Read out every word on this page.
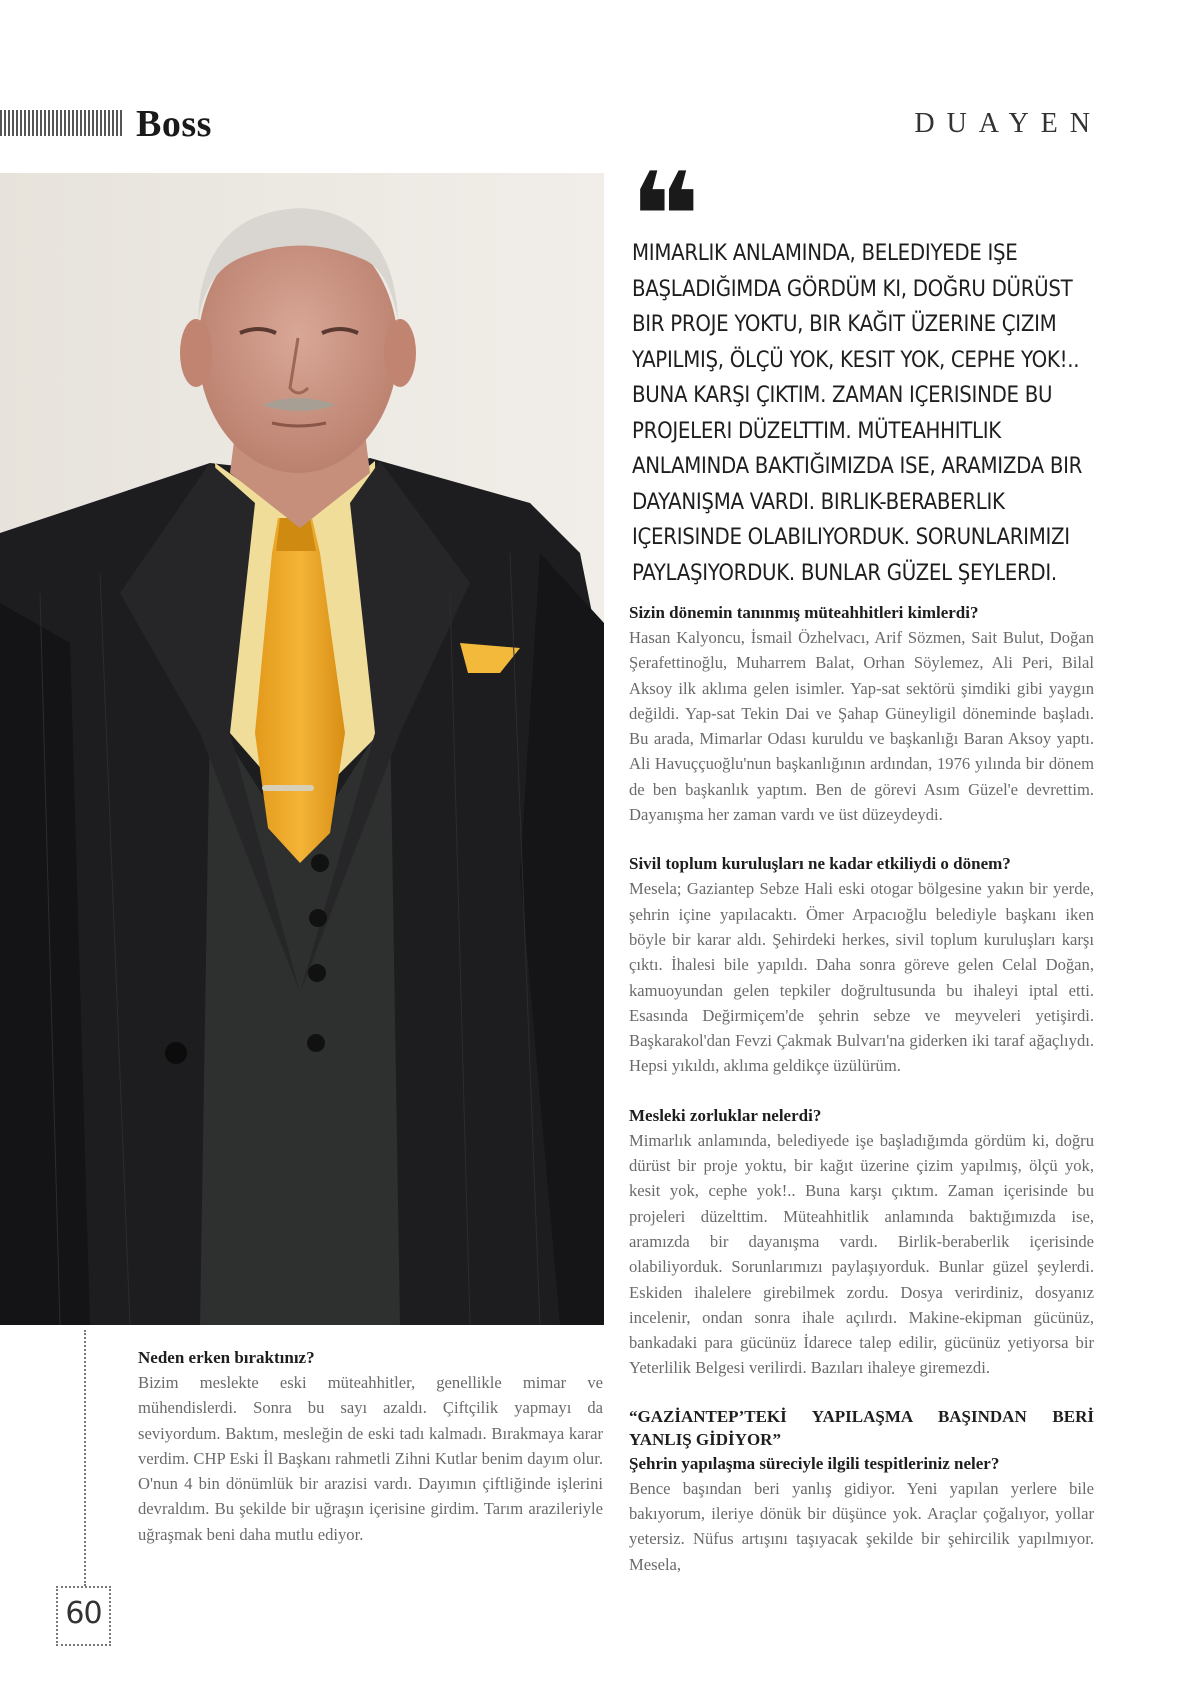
Boss	DUAYEN
❝

MIMARLIK ANLAMINDA, BELEDIYEDE IŞE BAŞLADIĞIMDA GÖRDÜM KI, DOĞRU DÜRÜST BIR PROJE YOKTU, BIR KAĞIT ÜZERINE ÇIZIM YAPILMIŞ, ÖLÇÜ YOK, KESIT YOK, CEPHE YOK!.. BUNA KARŞI ÇIKTIM. ZAMAN IÇERISINDE BU PROJELERI DÜZELTTIM. MÜTEAHHITLIK ANLAMINDA BAKTIĞIMIZDA ISE, ARAMIZDA BIR DAYANIŞMA VARDI. BIRLIK-BERABERLIK IÇERISINDE OLABILIYORDUK. SORUNLARIMIZI PAYLAŞIYORDUK. BUNLAR GÜZEL ŞEYLERDI.

Sizin dönemin tanınmış müteahhitleri kimlerdi?

Hasan Kalyoncu, İsmail Özhelvacı, Arif Sözmen, Sait Bulut, Doğan Şerafettinoğlu, Muharrem Balat, Orhan Söylemez, Ali Peri, Bilal Aksoy ilk aklıma gelen isimler. Yap-sat sektörü şimdiki gibi yaygın değildi. Yap-sat Tekin Dai ve Şahap Güneyligil döneminde başladı. Bu arada, Mimarlar Odası kuruldu ve başkanlığı Baran Aksoy yaptı. Ali Havuççuoğlu'nun başkanlığının ardından, 1976 yılında bir dönem de ben başkanlık yaptım. Ben de görevi Asım Güzel'e devrettim. Dayanışma her zaman vardı ve üst düzeydeydi.

Sivil toplum kuruluşları ne kadar etkiliydi o dönem?

Mesela; Gaziantep Sebze Hali eski otogar bölgesine yakın bir yerde, şehrin içine yapılacaktı. Ömer Arpacıoğlu belediyle başkanı iken böyle bir karar aldı. Şehirdeki herkes, sivil toplum kuruluşları karşı çıktı. İhalesi bile yapıldı. Daha sonra göreve gelen Celal Doğan, kamuoyundan gelen tepkiler doğrultusunda bu ihaleyi iptal etti. Esasında Değirmiçem'de şehrin sebze ve meyveleri yetişirdi. Başkarakol'dan Fevzi Çakmak Bulvarı'na giderken iki taraf ağaçlıydı. Hepsi yıkıldı, aklıma geldikçe üzülürüm.

Mesleki zorluklar nelerdi?

Mimarlık anlamında, belediyede işe başladığımda gördüm ki, doğru dürüst bir proje yoktu, bir kağıt üzerine çizim yapılmış, ölçü yok, kesit yok, cephe yok!.. Buna karşı çıktım. Zaman içerisinde bu projeleri düzelttim. Müteahhitlik anlamında baktığımızda ise, aramızda bir dayanışma vardı. Birlik-beraberlik içerisinde olabiliyorduk. Sorunlarımızı paylaşıyorduk. Bunlar güzel şeylerdi. Eskiden ihalelere girebilmek zordu. Dosya verirdiniz, dosyanız incelenir, ondan sonra ihale açılırdı. Makine-ekipman gücünüz, bankadaki para gücünüz İdarece talep edilir, gücünüz yetiyorsa bir Yeterlilik Belgesi verilirdi. Bazıları ihaleye giremezdi.

“GAZİANTEP’TEKİ YAPILAŞMA BAŞINDAN BERİ YANLIŞ GİDİYOR”
Şehrin yapılaşma süreciyle ilgili tespitleriniz neler?

Bence başından beri yanlış gidiyor. Yeni yapılan yerlere bile bakıyorum, ileriye dönük bir düşünce yok. Araçlar çoğalıyor, yollar yetersiz. Nüfus artışını taşıyacak şekilde bir şehircilik yapılmıyor. Mesela,

Neden erken bıraktınız?

Bizim meslekte eski müteahhitler, genellikle mimar ve mühendislerdi. Sonra bu sayı azaldı. Çiftçilik yapmayı da seviyordum. Baktım, mesleğin de eski tadı kalmadı. Bırakmaya karar verdim. CHP Eski İl Başkanı rahmetli Zihni Kutlar benim dayım olur. O'nun 4 bin dönümlük bir arazisi vardı. Dayımın çiftliğinde işlerini devraldım. Bu şekilde bir uğraşın içerisine girdim. Tarım arazileriyle uğraşmak beni daha mutlu ediyor.

60
